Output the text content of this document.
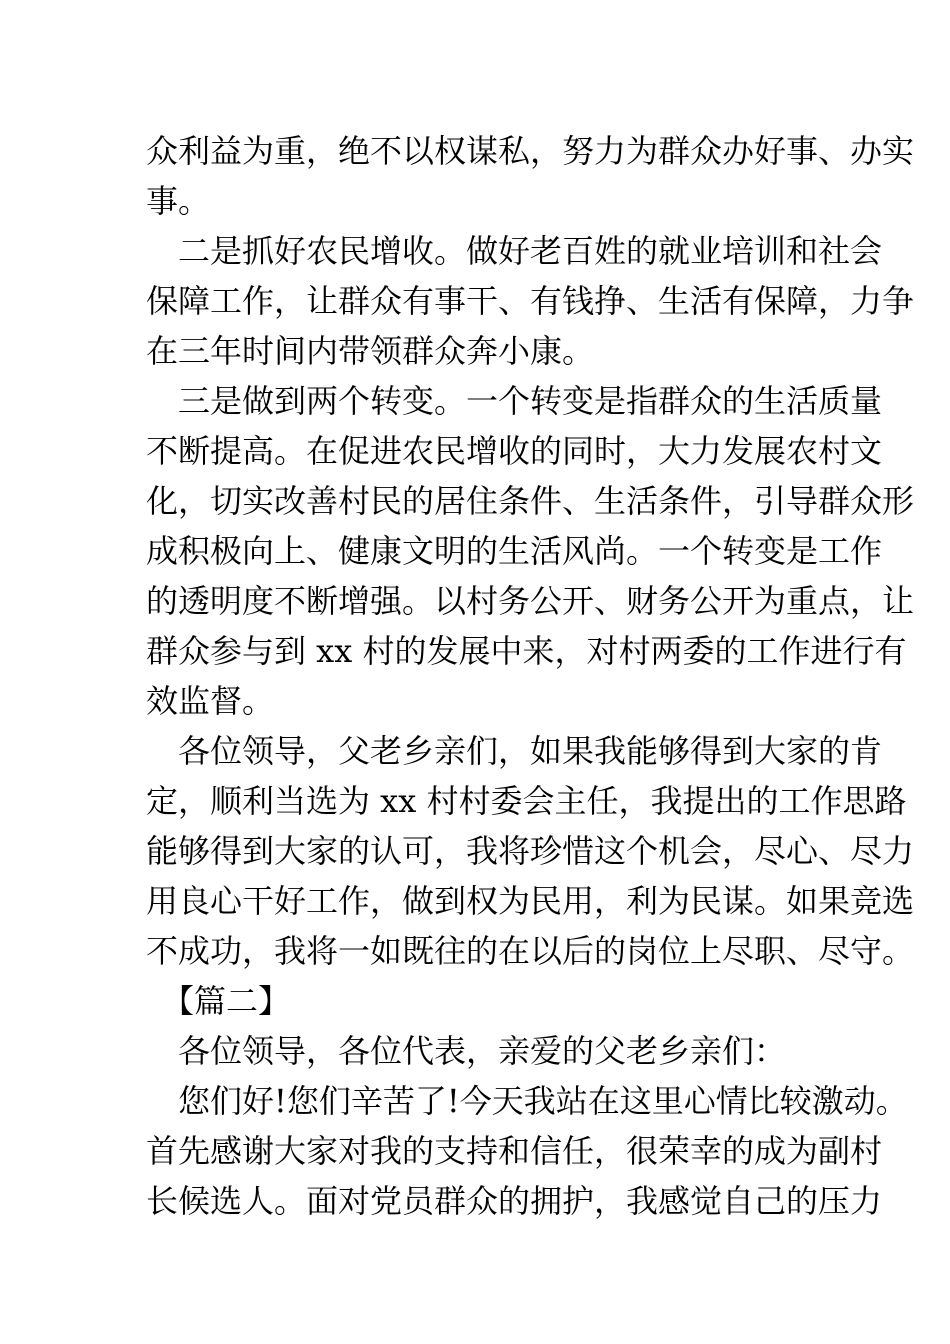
众利益为重，绝不以权谋私，努力为群众办好事、办实
事。
　二是抓好农民增收。做好老百姓的就业培训和社会
保障工作，让群众有事干、有钱挣、生活有保障，力争
在三年时间内带领群众奔小康。
　三是做到两个转变。一个转变是指群众的生活质量
不断提高。在促进农民增收的同时，大力发展农村文
化，切实改善村民的居住条件、生活条件，引导群众形
成积极向上、健康文明的生活风尚。一个转变是工作
的透明度不断增强。以村务公开、财务公开为重点，让
群众参与到 xx 村的发展中来，对村两委的工作进行有
效监督。
　各位领导，父老乡亲们，如果我能够得到大家的肯
定，顺利当选为 xx 村村委会主任，我提出的工作思路
能够得到大家的认可，我将珍惜这个机会，尽心、尽力
用良心干好工作，做到权为民用，利为民谋。如果竞选
不成功，我将一如既往的在以后的岗位上尽职、尽守。
　【篇二】
　各位领导，各位代表，亲爱的父老乡亲们：
　您们好!您们辛苦了!今天我站在这里心情比较激动。
首先感谢大家对我的支持和信任，很荣幸的成为副村
长候选人。面对党员群众的拥护，我感觉自己的压力
